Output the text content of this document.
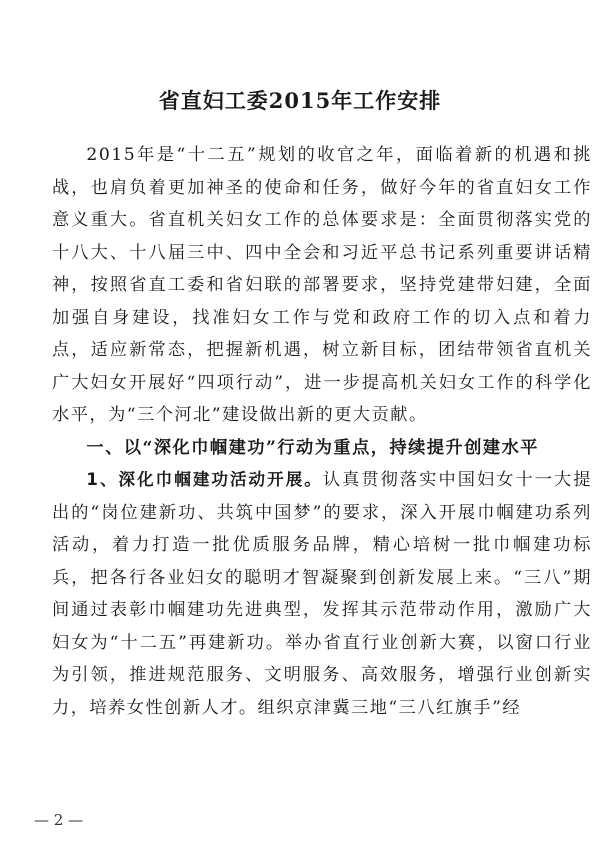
省直妇工委2015年工作安排

2015年是“十二五”规划的收官之年，面临着新的机遇和挑战，也肩负着更加神圣的使命和任务，做好今年的省直妇女工作意义重大。省直机关妇女工作的总体要求是：全面贯彻落实党的十八大、十八届三中、四中全会和习近平总书记系列重要讲话精神，按照省直工委和省妇联的部署要求，坚持党建带妇建，全面加强自身建设，找准妇女工作与党和政府工作的切入点和着力点，适应新常态，把握新机遇，树立新目标，团结带领省直机关广大妇女开展好“四项行动”，进一步提高机关妇女工作的科学化水平，为“三个河北”建设做出新的更大贡献。

一、以“深化巾帼建功”行动为重点，持续提升创建水平

1、深化巾帼建功活动开展。认真贯彻落实中国妇女十一大提出的“岗位建新功、共筑中国梦”的要求，深入开展巾帼建功系列活动，着力打造一批优质服务品牌，精心培树一批巾帼建功标兵，把各行各业妇女的聪明才智凝聚到创新发展上来。“三八”期间通过表彰巾帼建功先进典型，发挥其示范带动作用，激励广大妇女为“十二五”再建新功。举办省直行业创新大赛，以窗口行业为引领，推进规范服务、文明服务、高效服务，增强行业创新实力，培养女性创新人才。组织京津冀三地“三八红旗手”经

— 2 —
